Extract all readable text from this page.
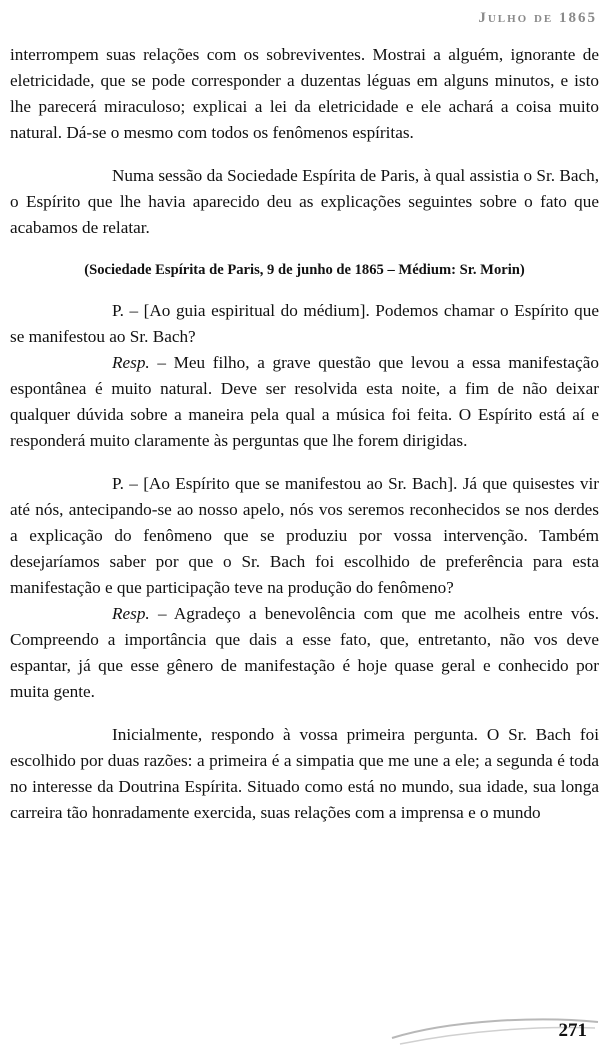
Julho de 1865

interrompem suas relações com os sobreviventes. Mostrai a alguém, ignorante de eletricidade, que se pode corresponder a duzentas léguas em alguns minutos, e isto lhe parecerá miraculoso; explicai a lei da eletricidade e ele achará a coisa muito natural. Dá-se o mesmo com todos os fenômenos espíritas.

Numa sessão da Sociedade Espírita de Paris, à qual assistia o Sr. Bach, o Espírito que lhe havia aparecido deu as explicações seguintes sobre o fato que acabamos de relatar.

(Sociedade Espírita de Paris, 9 de junho de 1865 – Médium: Sr. Morin)

P. – [Ao guia espiritual do médium]. Podemos chamar o Espírito que se manifestou ao Sr. Bach?

Resp. – Meu filho, a grave questão que levou a essa manifestação espontânea é muito natural. Deve ser resolvida esta noite, a fim de não deixar qualquer dúvida sobre a maneira pela qual a música foi feita. O Espírito está aí e responderá muito claramente às perguntas que lhe forem dirigidas.

P. – [Ao Espírito que se manifestou ao Sr. Bach]. Já que quisestes vir até nós, antecipando-se ao nosso apelo, nós vos seremos reconhecidos se nos derdes a explicação do fenômeno que se produziu por vossa intervenção. Também desejaríamos saber por que o Sr. Bach foi escolhido de preferência para esta manifestação e que participação teve na produção do fenômeno?

Resp. – Agradeço a benevolência com que me acolheis entre vós. Compreendo a importância que dais a esse fato, que, entretanto, não vos deve espantar, já que esse gênero de manifestação é hoje quase geral e conhecido por muita gente.

Inicialmente, respondo à vossa primeira pergunta. O Sr. Bach foi escolhido por duas razões: a primeira é a simpatia que me une a ele; a segunda é toda no interesse da Doutrina Espírita. Situado como está no mundo, sua idade, sua longa carreira tão honradamente exercida, suas relações com a imprensa e o mundo

271
